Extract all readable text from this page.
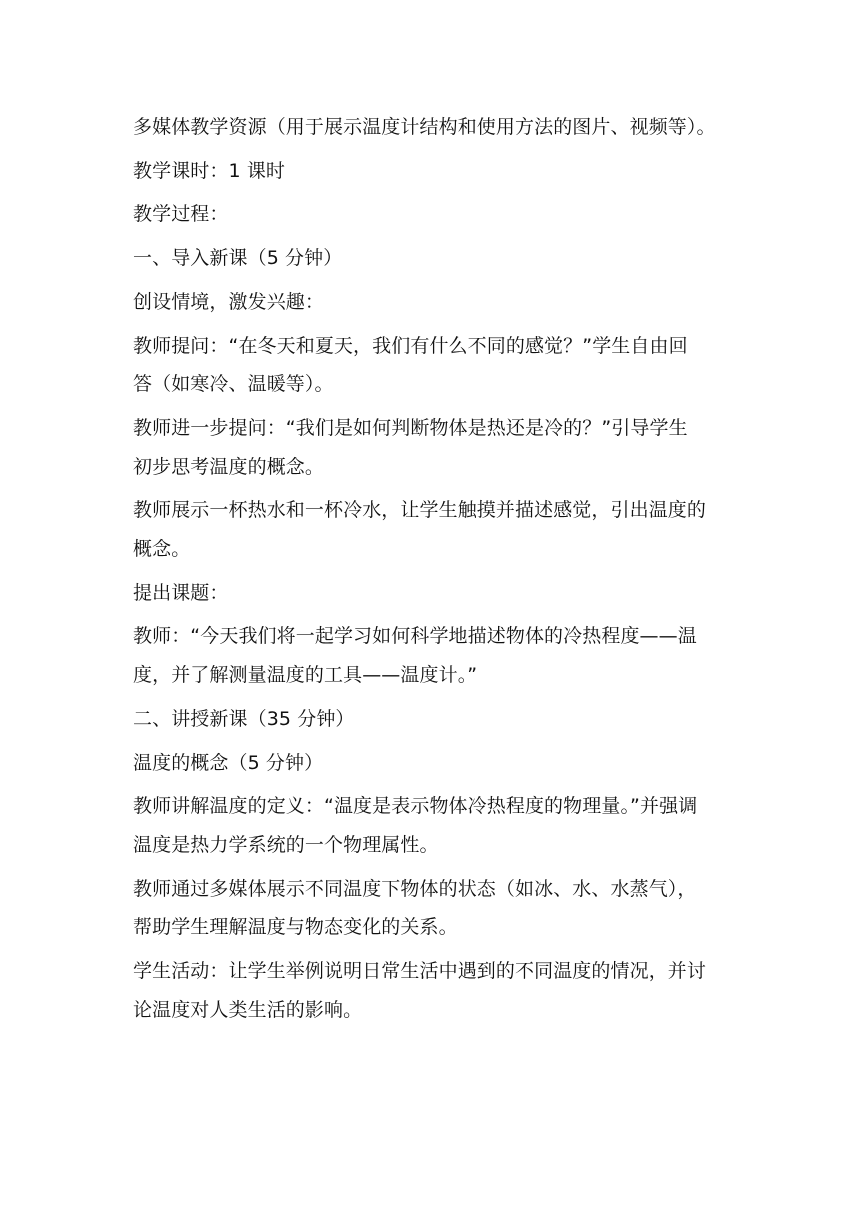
多媒体教学资源（用于展示温度计结构和使用方法的图片、视频等）。

教学课时：1 课时

教学过程：

一、导入新课（5 分钟）

创设情境，激发兴趣：

教师提问：“在冬天和夏天，我们有什么不同的感觉？”学生自由回
答（如寒冷、温暖等）。

教师进一步提问：“我们是如何判断物体是热还是冷的？”引导学生
初步思考温度的概念。

教师展示一杯热水和一杯冷水，让学生触摸并描述感觉，引出温度的
概念。

提出课题：

教师：“今天我们将一起学习如何科学地描述物体的冷热程度——温
度，并了解测量温度的工具——温度计。”

二、讲授新课（35 分钟）

温度的概念（5 分钟）

教师讲解温度的定义：“温度是表示物体冷热程度的物理量。”并强调
温度是热力学系统的一个物理属性。

教师通过多媒体展示不同温度下物体的状态（如冰、水、水蒸气），
帮助学生理解温度与物态变化的关系。

学生活动：让学生举例说明日常生活中遇到的不同温度的情况，并讨
论温度对人类生活的影响。
